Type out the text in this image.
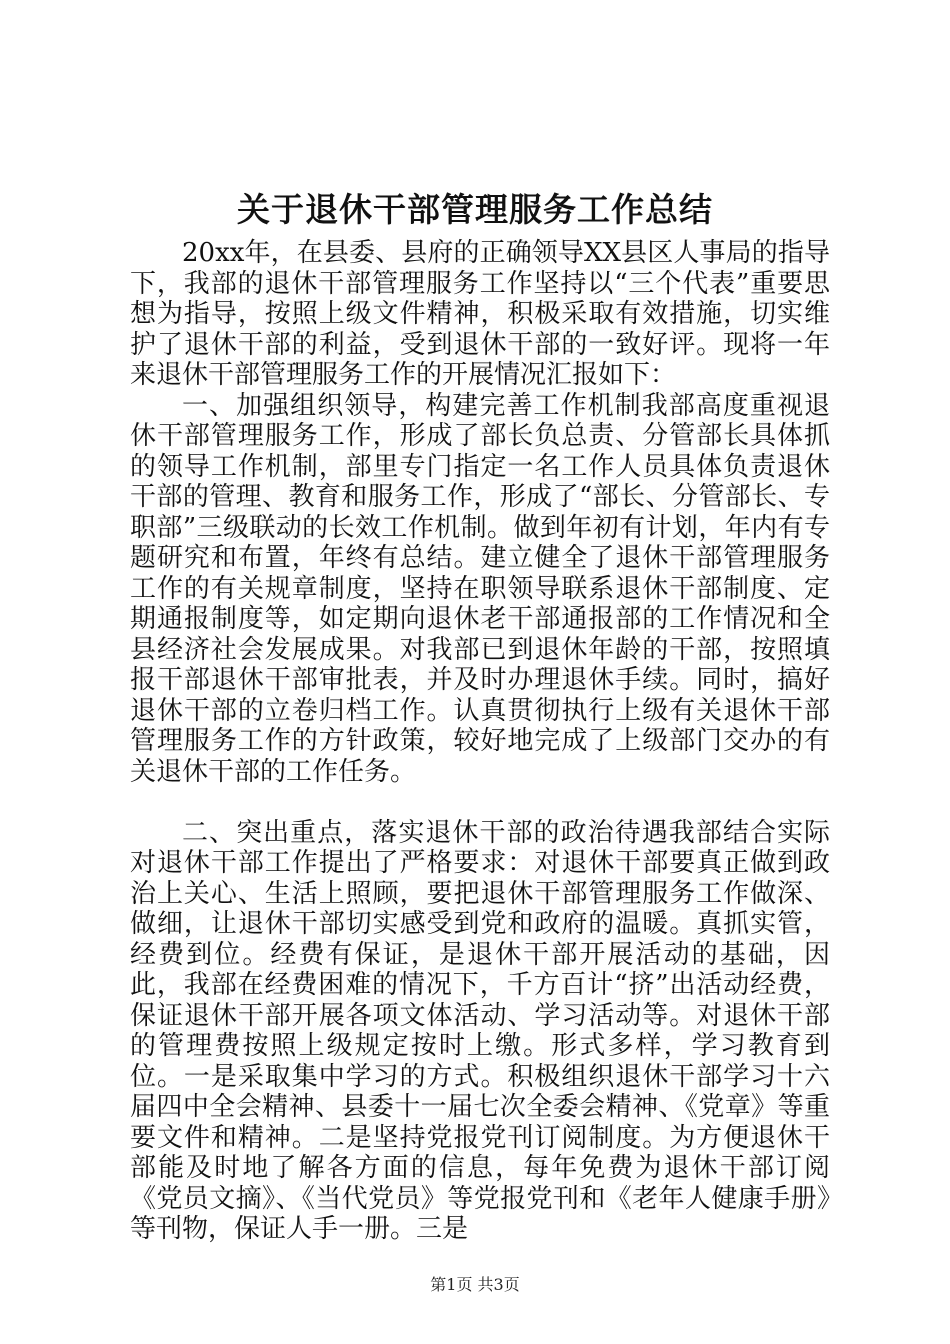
关于退休干部管理服务工作总结

20xx年，在县委、县府的正确领导XX县区人事局的指导下，我部的退休干部管理服务工作坚持以“三个代表”重要思想为指导，按照上级文件精神，积极采取有效措施，切实维护了退休干部的利益，受到退休干部的一致好评。现将一年来退休干部管理服务工作的开展情况汇报如下：

一、加强组织领导，构建完善工作机制我部高度重视退休干部管理服务工作，形成了部长负总责、分管部长具体抓的领导工作机制，部里专门指定一名工作人员具体负责退休干部的管理、教育和服务工作，形成了“部长、分管部长、专职部”三级联动的长效工作机制。做到年初有计划，年内有专题研究和布置，年终有总结。建立健全了退休干部管理服务工作的有关规章制度，坚持在职领导联系退休干部制度、定期通报制度等，如定期向退休老干部通报部的工作情况和全县经济社会发展成果。对我部已到退休年龄的干部，按照填报干部退休干部审批表，并及时办理退休手续。同时，搞好退休干部的立卷归档工作。认真贯彻执行上级有关退休干部管理服务工作的方针政策，较好地完成了上级部门交办的有关退休干部的工作任务。

二、突出重点，落实退休干部的政治待遇我部结合实际对退休干部工作提出了严格要求：对退休干部要真正做到政治上关心、生活上照顾，要把退休干部管理服务工作做深、做细，让退休干部切实感受到党和政府的温暖。真抓实管，经费到位。经费有保证，是退休干部开展活动的基础，因此，我部在经费困难的情况下，千方百计“挤”出活动经费，保证退休干部开展各项文体活动、学习活动等。对退休干部的管理费按照上级规定按时上缴。形式多样，学习教育到位。一是采取集中学习的方式。积极组织退休干部学习十六届四中全会精神、县委十一届七次全委会精神、《党章》等重要文件和精神。二是坚持党报党刊订阅制度。为方便退休干部能及时地了解各方面的信息，每年免费为退休干部订阅《党员文摘》、《当代党员》等党报党刊和《老年人健康手册》等刊物，保证人手一册。三是

第1页 共3页
